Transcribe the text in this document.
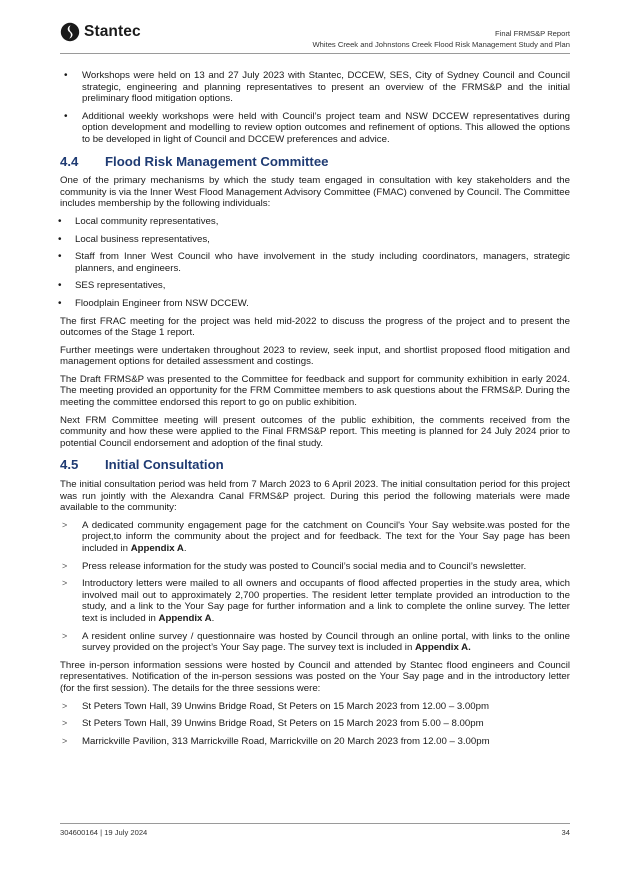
Stantec	Final FRMS&P Report
Whites Creek and Johnstons Creek Flood Risk Management Study and Plan
• Workshops were held on 13 and 27 July 2023 with Stantec, DCCEW, SES, City of Sydney Council and Council strategic, engineering and planning representatives to present an overview of the FRMS&P and the initial preliminary flood mitigation options.
• Additional weekly workshops were held with Council’s project team and NSW DCCEW representatives during option development and modelling to review option outcomes and refinement of options. This allowed the options to be developed in light of Council and DCCEW preferences and advice.
4.4	Flood Risk Management Committee

One of the primary mechanisms by which the study team engaged in consultation with key stakeholders and the community is via the Inner West Flood Management Advisory Committee (FMAC) convened by Council. The Committee includes membership by the following individuals:

• Local community representatives,
• Local business representatives,
• Staff from Inner West Council who have involvement in the study including coordinators, managers, strategic planners, and engineers.
• SES representatives,
• Floodplain Engineer from NSW DCCEW.

The first FRAC meeting for the project was held mid-2022 to discuss the progress of the project and to present the outcomes of the Stage 1 report.

Further meetings were undertaken throughout 2023 to review, seek input, and shortlist proposed flood mitigation and management options for detailed assessment and costings.

The Draft FRMS&P was presented to the Committee for feedback and support for community exhibition in early 2024. The meeting provided an opportunity for the FRM Committee members to ask questions about the FRMS&P. During the meeting the committee endorsed this report to go on public exhibition.

Next FRM Committee meeting will present outcomes of the public exhibition, the comments received from the community and how these were applied to the Final FRMS&P report. This meeting is planned for 24 July 2024 prior to potential Council endorsement and adoption of the final study.

4.5	Initial Consultation

The initial consultation period was held from 7 March 2023 to 6 April 2023. The initial consultation period for this project was run jointly with the Alexandra Canal FRMS&P project. During this period the following materials were made available to the community:

> A dedicated community engagement page for the catchment on Council's Your Say website.was posted for the project,to inform the community about the project and for feedback. The text for the Your Say page has been included in Appendix A.
> Press release information for the study was posted to Council’s social media and to Council’s newsletter.
> Introductory letters were mailed to all owners and occupants of flood affected properties in the study area, which involved mail out to approximately 2,700 properties. The resident letter template provided an introduction to the study, and a link to the Your Say page for further information and a link to complete the online survey. The letter text is included in Appendix A.
> A resident online survey / questionnaire was hosted by Council through an online portal, with links to the online survey provided on the project’s Your Say page. The survey text is included in Appendix A.

Three in-person information sessions were hosted by Council and attended by Stantec flood engineers and Council representatives. Notification of the in-person sessions was posted on the Your Say page and in the introductory letter (for the first session). The details for the three sessions were:

> St Peters Town Hall, 39 Unwins Bridge Road, St Peters on 15 March 2023 from 12.00 – 3.00pm
> St Peters Town Hall, 39 Unwins Bridge Road, St Peters on 15 March 2023 from 5.00 – 8.00pm
> Marrickville Pavilion, 313 Marrickville Road, Marrickville on 20 March 2023 from 12.00 – 3.00pm
304600164 | 19 July 2024	34
